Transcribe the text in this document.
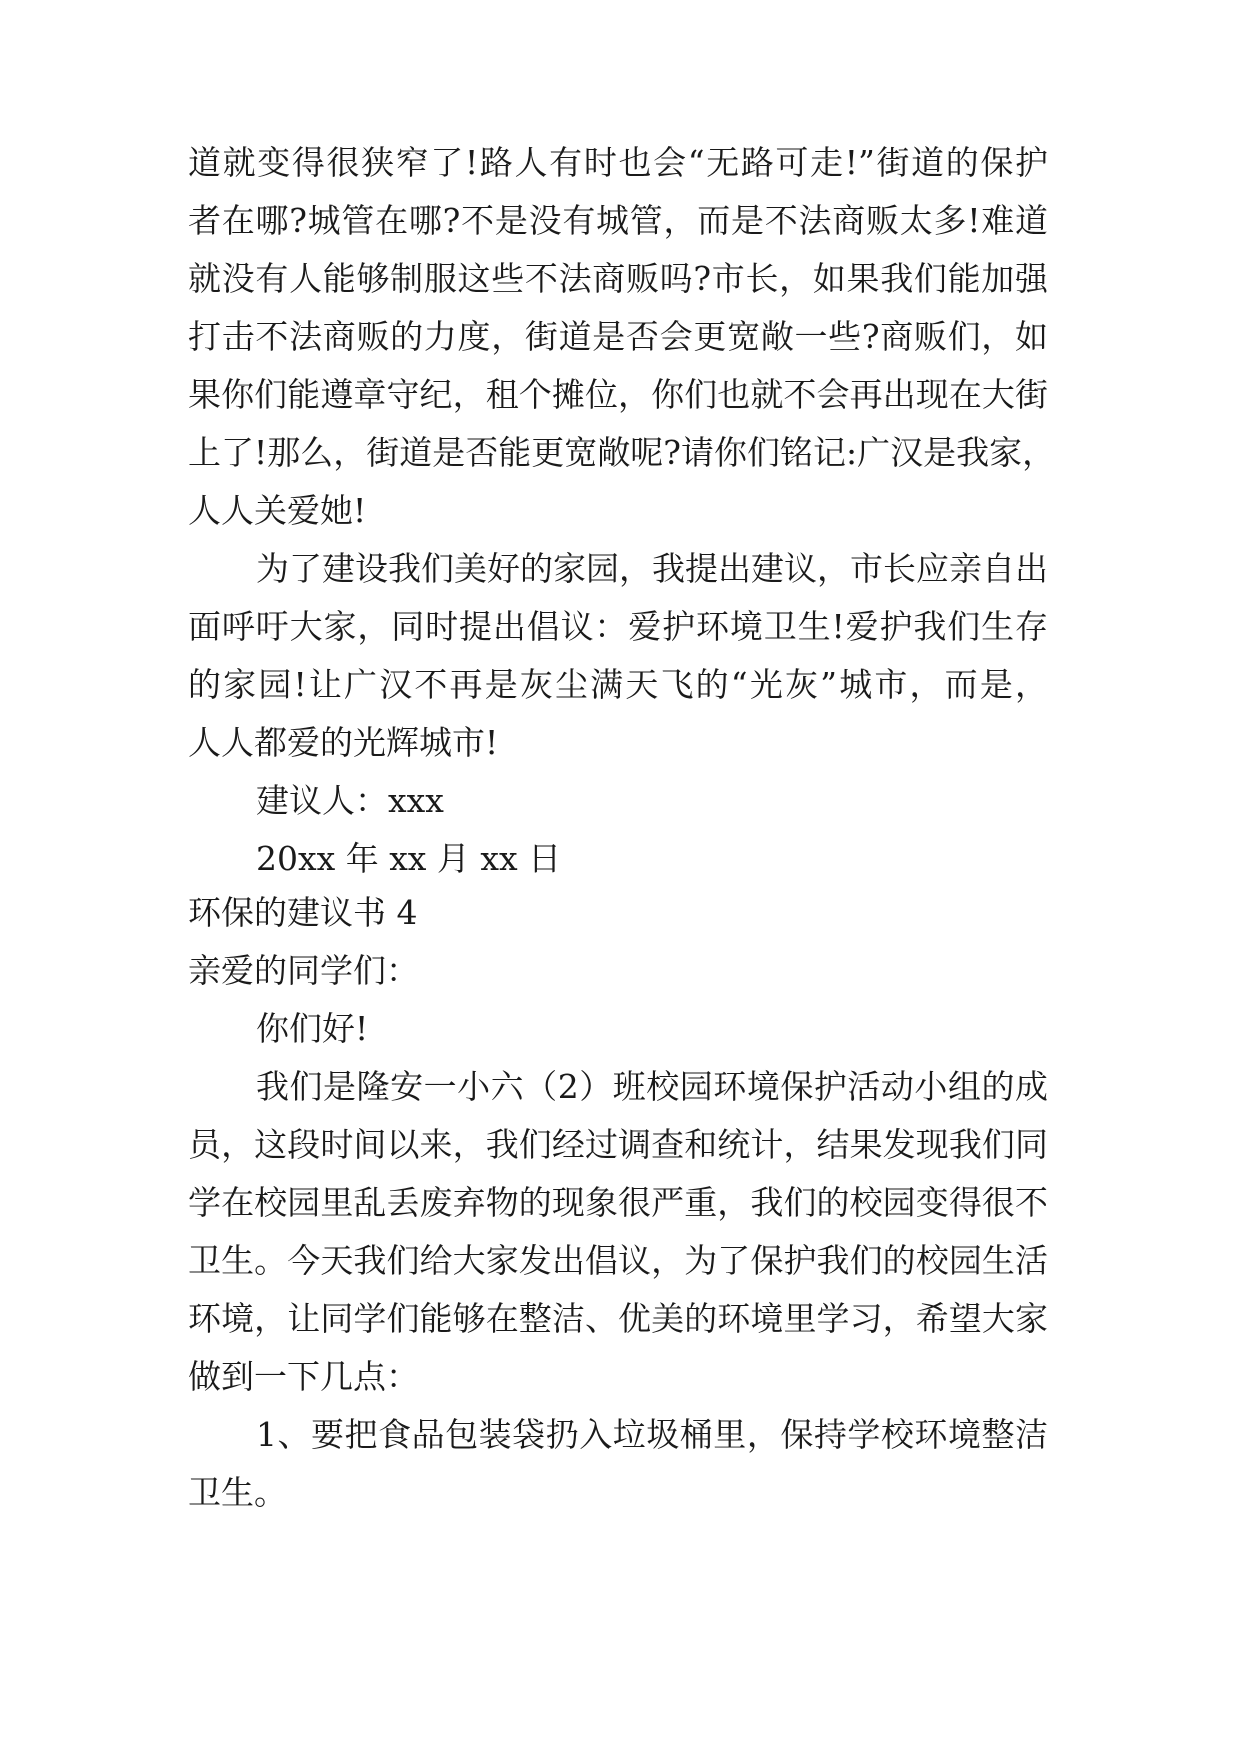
道就变得很狭窄了!路人有时也会“无路可走!”街道的保护
者在哪?城管在哪?不是没有城管，而是不法商贩太多!难道
就没有人能够制服这些不法商贩吗?市长，如果我们能加强
打击不法商贩的力度，街道是否会更宽敞一些?商贩们，如
果你们能遵章守纪，租个摊位，你们也就不会再出现在大街
上了!那么，街道是否能更宽敞呢?请你们铭记:广汉是我家，
人人关爱她!
为了建设我们美好的家园，我提出建议，市长应亲自出
面呼吁大家，同时提出倡议：爱护环境卫生!爱护我们生存
的家园!让广汉不再是灰尘满天飞的“光灰”城市，而是，
人人都爱的光辉城市!
建议人：xxx
20xx 年 xx 月 xx 日
环保的建议书 4
亲爱的同学们：
你们好!
我们是隆安一小六（2）班校园环境保护活动小组的成
员，这段时间以来，我们经过调查和统计，结果发现我们同
学在校园里乱丢废弃物的现象很严重，我们的校园变得很不
卫生。今天我们给大家发出倡议，为了保护我们的校园生活
环境，让同学们能够在整洁、优美的环境里学习，希望大家
做到一下几点：
1、要把食品包装袋扔入垃圾桶里，保持学校环境整洁
卫生。
